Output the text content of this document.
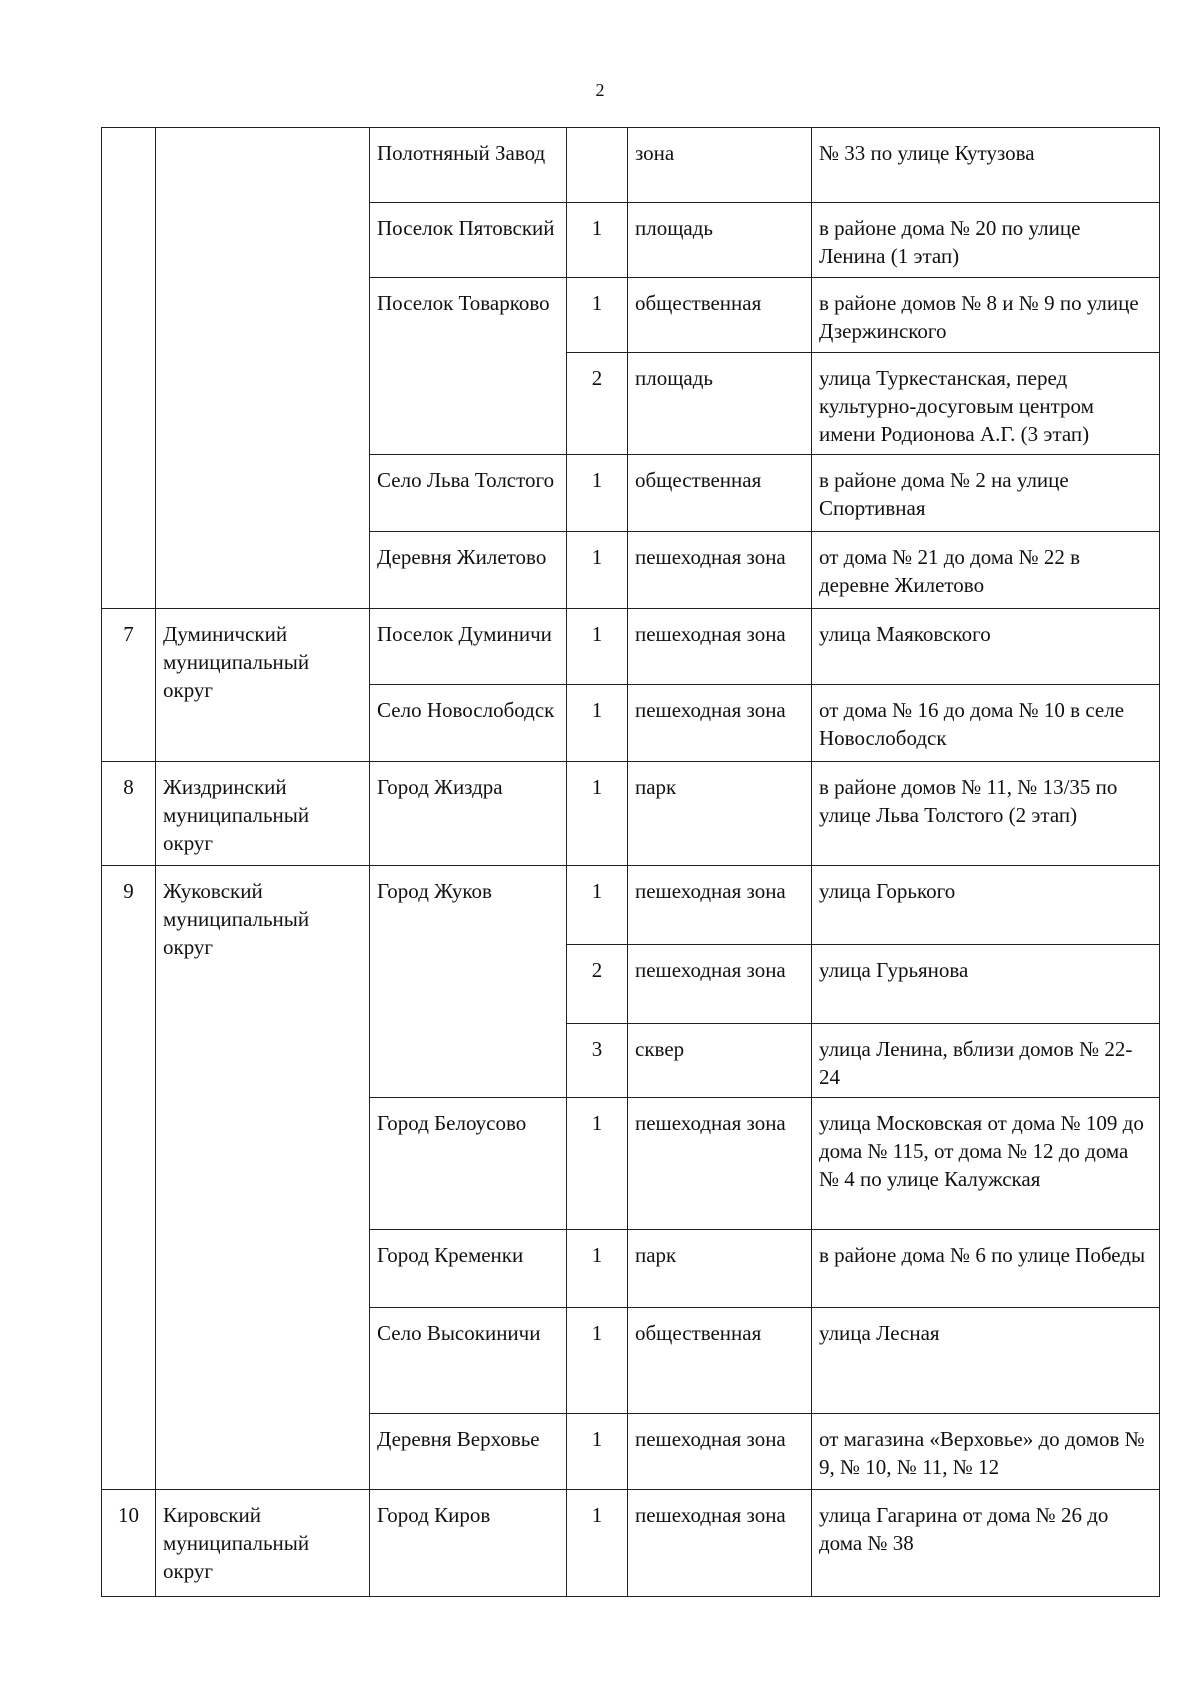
2
		Полотняный Завод		зона	№ 33 по улице Кутузова
		Поселок Пятовский	1	площадь	в районе дома № 20 по улице Ленина (1 этап)
		Поселок Товарково	1	общественная	в районе домов № 8 и № 9 по улице Дзержинского
			2	площадь	улица Туркестанская, перед культурно-досуговым центром имени Родионова А.Г. (3 этап)
		Село Льва Толстого	1	общественная	в районе дома № 2 на улице Спортивная
		Деревня Жилетово	1	пешеходная зона	от дома № 21 до дома № 22 в деревне Жилетово
7	Думиничский муниципальный округ	Поселок Думиничи	1	пешеходная зона	улица Маяковского
		Село Новослободск	1	пешеходная зона	от дома № 16 до дома № 10 в селе Новослободск
8	Жиздринский муниципальный округ	Город Жиздра	1	парк	в районе домов № 11, № 13/35 по улице Льва Толстого (2 этап)
9	Жуковский муниципальный округ	Город Жуков	1	пешеходная зона	улица Горького
			2	пешеходная зона	улица Гурьянова
			3	сквер	улица Ленина, вблизи домов № 22-24
		Город Белоусово	1	пешеходная зона	улица Московская от дома № 109 до дома № 115, от дома № 12 до дома № 4 по улице Калужская
		Город Кременки	1	парк	в районе дома № 6 по улице Победы
		Село Высокиничи	1	общественная	улица Лесная
		Деревня Верховье	1	пешеходная зона	от магазина «Верховье» до домов № 9, № 10, № 11, № 12
10	Кировский муниципальный округ	Город Киров	1	пешеходная зона	улица Гагарина от дома № 26 до дома № 38
